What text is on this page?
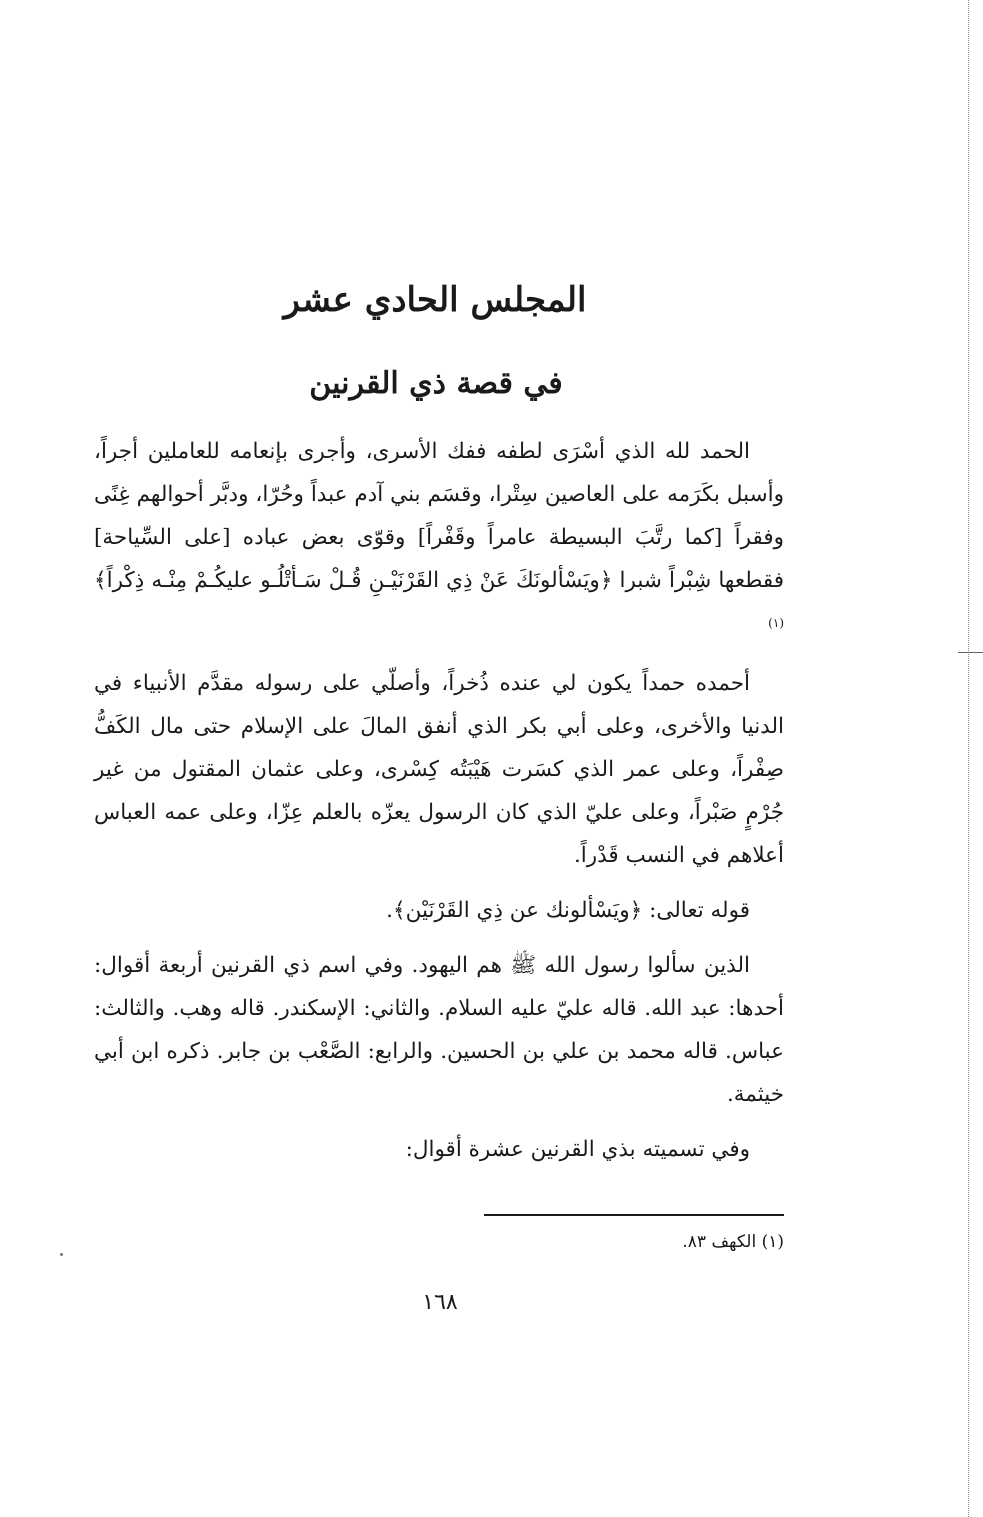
المجلس الحادي عشر
في قصة ذي القرنين

الحمد لله الذي أسْرَى لطفه ففك الأسرى، وأجرى بإنعامه للعاملين أجراً، وأسبل بكَرَمه على العاصين سِتْرا، وقسَم بني آدم عبداً وحُرّا، ودبَّر أحوالهم غِنًى وفقراً [كما رتَّبَ البسيطة عامراً وقَفْراً] وقوّى بعض عباده [على السِّياحة] فقطعها شِبْراً شبرا ﴿ويَسْألونَكَ عَنْ ذِي القَرْنَيْـنِ قُـلْ سَـأتْلُـو عليكُـمْ مِنْـه ذِكْراً﴾ $^{(١)}$

أحمده حمداً يكون لي عنده ذُخراً، وأصلّي على رسوله مقدَّم الأنبياء في الدنيا والأخرى، وعلى أبي بكر الذي أنفق المالَ على الإسلام حتى مال الكَفُّ صِفْراً، وعلى عمر الذي كسَرت هَيْبَتُه كِسْرى، وعلى عثمان المقتول من غير جُرْمٍ صَبْراً، وعلى عليّ الذي كان الرسول يعزّه بالعلم عِزّا، وعلى عمه العباس أعلاهم في النسب قَدْراً.

قوله تعالى: ﴿ويَسْألونك عن ذِي القَرْنَيْن﴾.

الذين سألوا رسول الله ﷺ هم اليهود. وفي اسم ذي القرنين أربعة أقوال: أحدها: عبد الله. قاله عليّ عليه السلام. والثاني: الإسكندر. قاله وهب. والثالث: عباس. قاله محمد بن علي بن الحسين. والرابع: الصَّعْب بن جابر. ذكره ابن أبي خيثمة.

وفي تسميته بذي القرنين عشرة أقوال:

(١) الكهف ٨٣.
١٦٨
